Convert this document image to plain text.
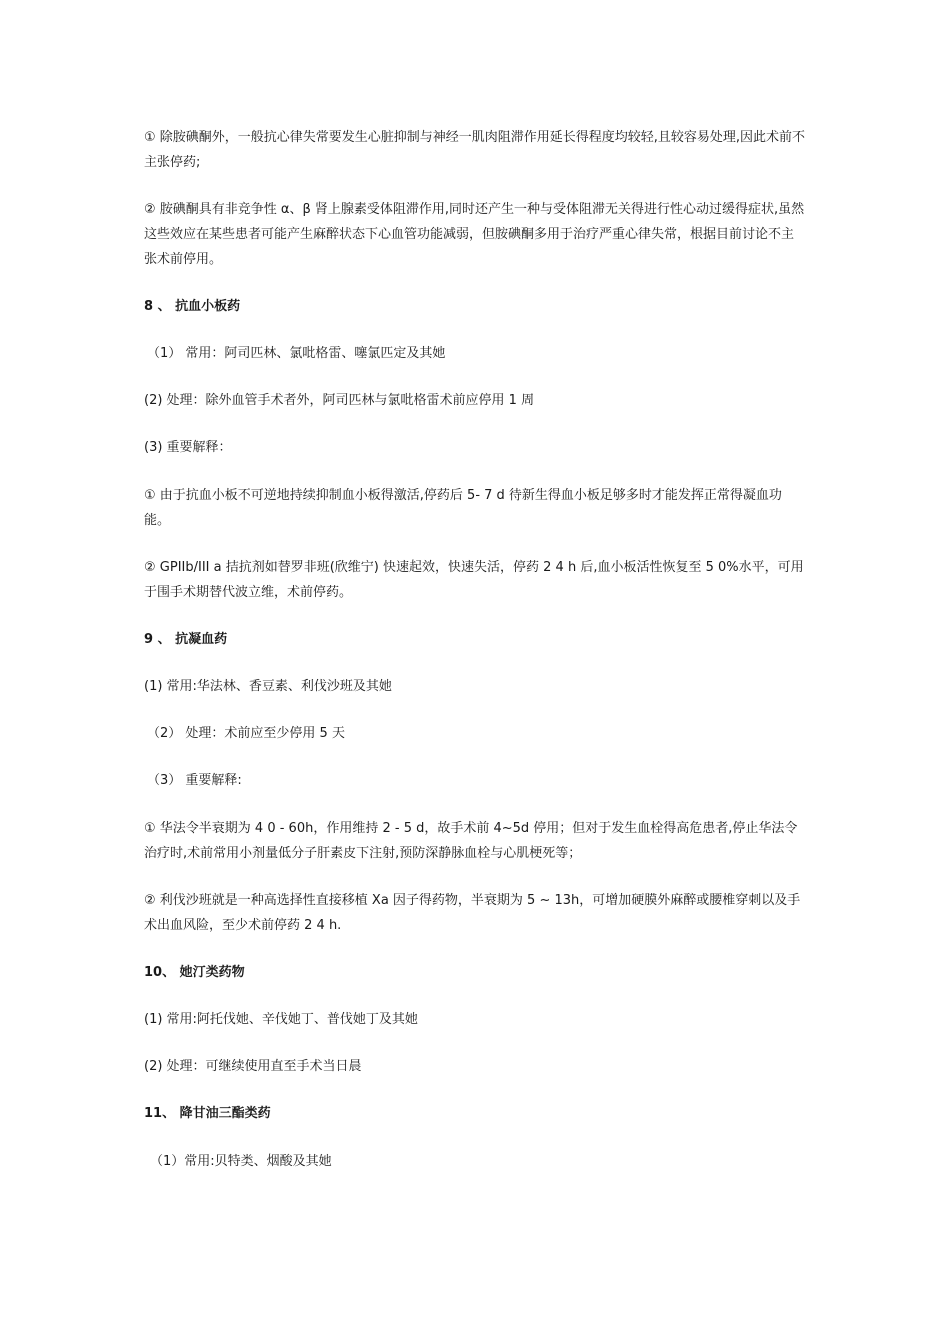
① 除胺碘酮外，一般抗心律失常要发生心脏抑制与神经一肌肉阻滞作用延长得程度均较轻,且较容易处理,因此术前不主张停药;

② 胺碘酮具有非竞争性 α、β 肾上腺素受体阻滞作用,同时还产生一种与受体阻滞无关得进行性心动过缓得症状,虽然这些效应在某些患者可能产生麻醉状态下心血管功能减弱，但胺碘酮多用于治疗严重心律失常，根据目前讨论不主张术前停用。

8 、 抗血小板药

（1） 常用：阿司匹林、氯吡格雷、噻氯匹定及其她

(2) 处理：除外血管手术者外，阿司匹林与氯吡格雷术前应停用 1 周

(3) 重要解释：

① 由于抗血小板不可逆地持续抑制血小板得激活,停药后 5- 7 d 待新生得血小板足够多时才能发挥正常得凝血功能。

② GPIIb/III a 拮抗剂如替罗非班(欣维宁) 快速起效，快速失活，停药 2 4 h 后,血小板活性恢复至 5 0%水平，可用于围手术期替代波立维，术前停药。

9 、 抗凝血药

(1) 常用:华法林、香豆素、利伐沙班及其她

（2） 处理：术前应至少停用 5 天

（3） 重要解释:

① 华法令半衰期为 4 0 - 60h，作用维持 2 - 5 d，故手术前 4~5d 停用；但对于发生血栓得高危患者,停止华法令治疗时,术前常用小剂量低分子肝素皮下注射,预防深静脉血栓与心肌梗死等；

② 利伐沙班就是一种高选择性直接移植 Xa 因子得药物，半衰期为 5 ~ 13h，可增加硬膜外麻醉或腰椎穿刺以及手术出血风险，至少术前停药 2 4 h.

10、 她汀类药物

(1) 常用:阿托伐她、辛伐她丁、普伐她丁及其她

(2) 处理：可继续使用直至手术当日晨

11、 降甘油三酯类药

（1）常用:贝特类、烟酸及其她
